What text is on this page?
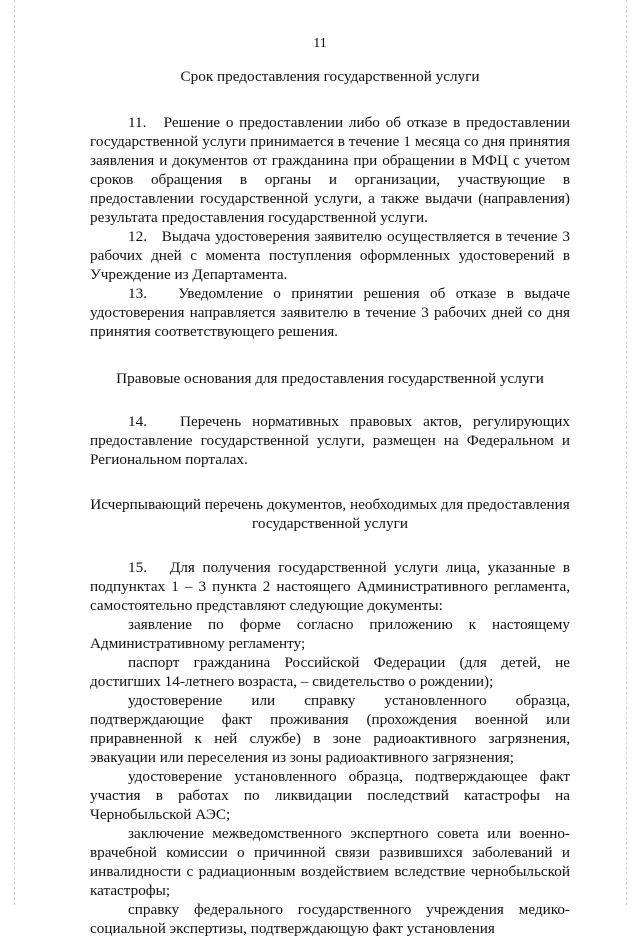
11

Срок предоставления государственной услуги

11.   Решение о предоставлении либо об отказе в предоставлении государственной услуги принимается в течение 1 месяца со дня принятия заявления и документов от гражданина при обращении в МФЦ с учетом сроков обращения в органы и организации, участвующие в предоставлении государственной услуги, а также выдачи (направления) результата предоставления государственной услуги.

12.   Выдача удостоверения заявителю осуществляется в течение 3 рабочих дней с момента поступления оформленных удостоверений в Учреждение из Департамента.

13.   Уведомление о принятии решения об отказе в выдаче удостоверения направляется заявителю в течение 3 рабочих дней со дня принятия соответствующего решения.

Правовые основания для предоставления государственной услуги

14.   Перечень нормативных правовых актов, регулирующих предоставление государственной услуги, размещен на Федеральном и Региональном порталах.

Исчерпывающий перечень документов, необходимых для предоставления государственной услуги

15.   Для получения государственной услуги лица, указанные в подпунктах 1 – 3 пункта 2 настоящего Административного регламента, самостоятельно представляют следующие документы:

заявление по форме согласно приложению к настоящему Административному регламенту;

паспорт гражданина Российской Федерации (для детей, не достигших 14-летнего возраста, – свидетельство о рождении);

удостоверение или справку установленного образца, подтверждающие факт проживания (прохождения военной или приравненной к ней службе) в зоне радиоактивного загрязнения, эвакуации или переселения из зоны радиоактивного загрязнения;

удостоверение установленного образца, подтверждающее факт участия в работах по ликвидации последствий катастрофы на Чернобыльской АЭС;

заключение межведомственного экспертного совета или военно-врачебной комиссии о причинной связи развившихся заболеваний и инвалидности с радиационным воздействием вследствие чернобыльской катастрофы;

справку федерального государственного учреждения медико-социальной экспертизы, подтверждающую факт установления
